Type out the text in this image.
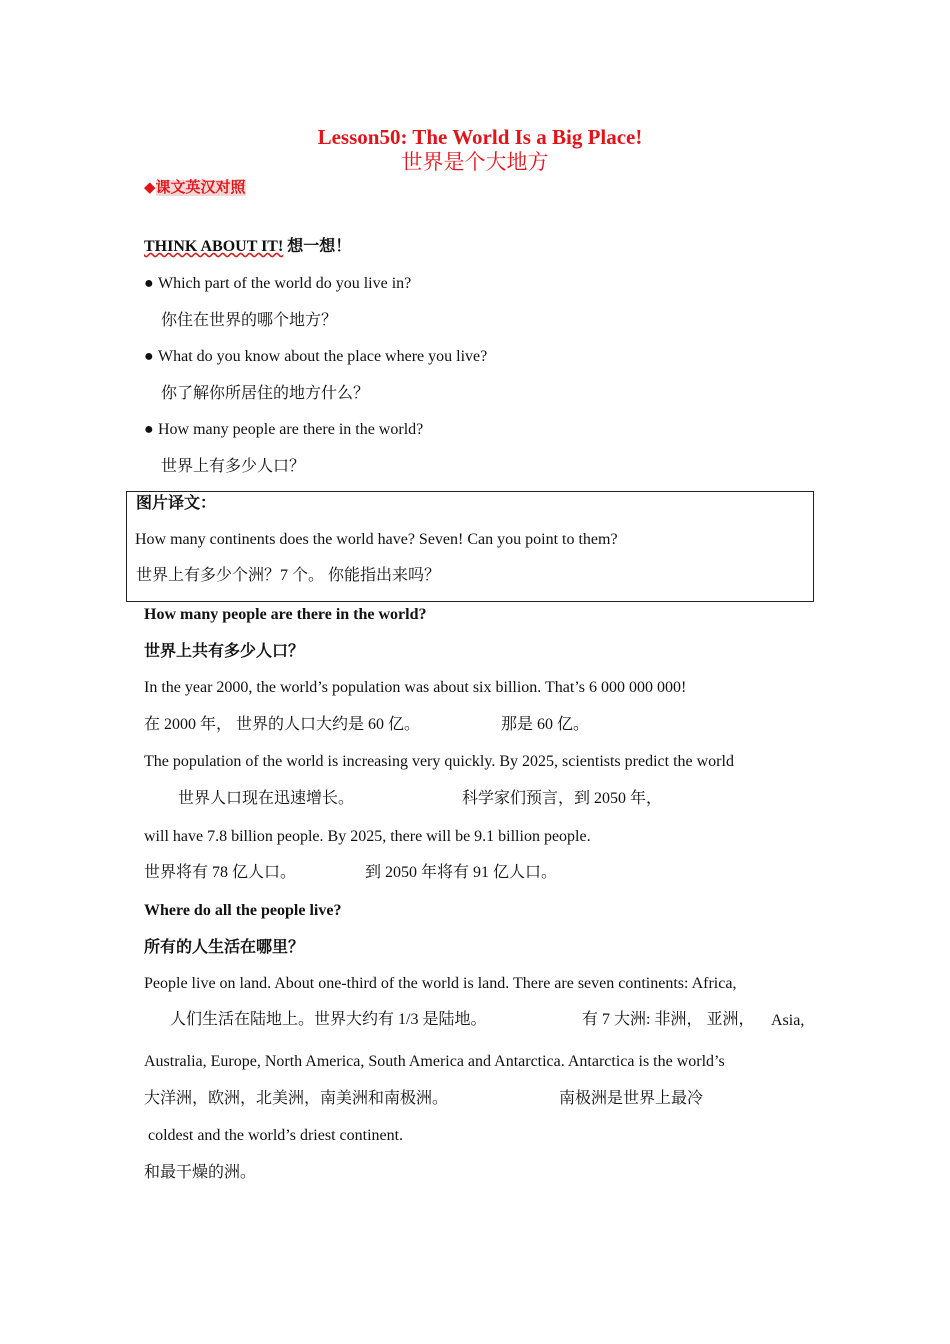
Lesson50: The World Is a Big Place!
世界是个大地方
◆课文英汉对照
THINK ABOUT IT! 想一想！
● Which part of the world do you live in?
你住在世界的哪个地方？
● What do you know about the place where you live?
你了解你所居住的地方什么？
● How many people are there in the world?
世界上有多少人口？
图片译文：
How many continents does the world have? Seven! Can you point to them?
世界上有多少个洲？7 个。 你能指出来吗？
How many people are there in the world?
世界上共有多少人口？
In the year 2000, the world’s population was about six billion. That’s 6 000 000 000!
在 2000 年， 世界的人口大约是 60 亿。	那是 60 亿。
The population of the world is increasing very quickly. By 2025, scientists predict the world
世界人口现在迅速增长。	科学家们预言，到 2050 年，
will have 7.8 billion people. By 2025, there will be 9.1 billion people.
世界将有 78 亿人口。	到 2050 年将有 91 亿人口。
Where do all the people live?
所有的人生活在哪里？
People live on land. About one-third of the world is land. There are seven continents: Africa,
人们生活在陆地上。世界大约有 1/3 是陆地。	有 7 大洲: 非洲， 亚洲， Asia,
Australia, Europe, North America, South America and Antarctica. Antarctica is the world’s
大洋洲，欧洲，北美洲，南美洲和南极洲。	南极洲是世界上最冷
coldest and the world’s driest continent.
和最干燥的洲。
